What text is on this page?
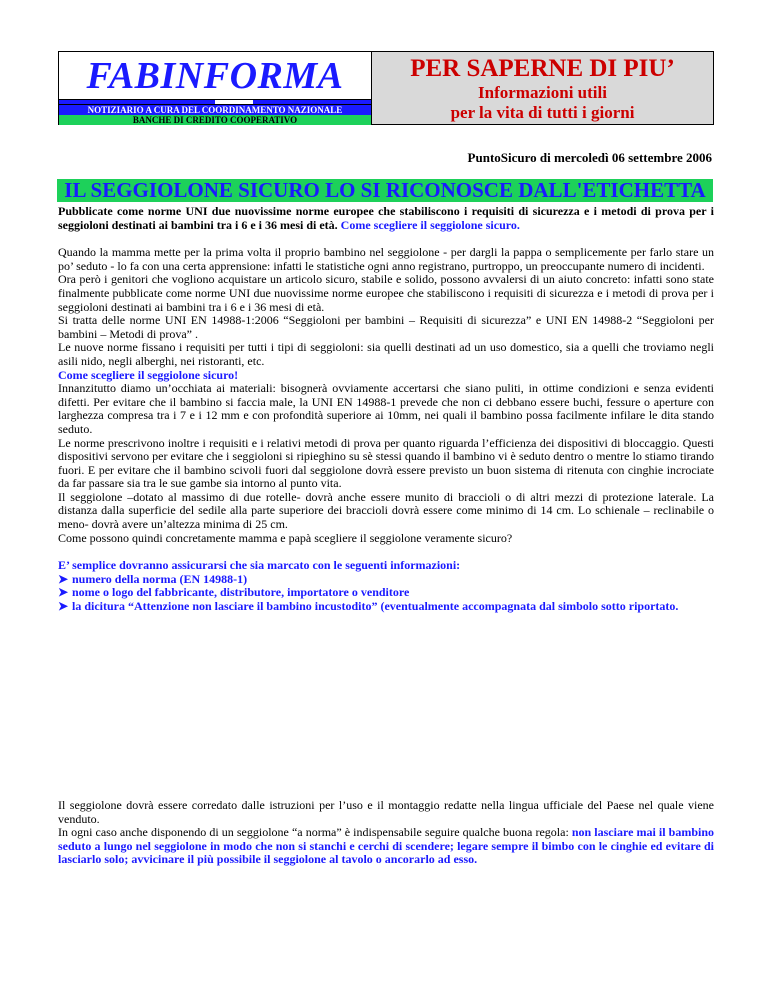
FABINFORMA
NOTIZIARIO A CURA DEL COORDINAMENTO NAZIONALE
BANCHE DI CREDITO COOPERATIVO
PER SAPERNE DI PIU’
Informazioni utili
per la vita di tutti i giorni
PuntoSicuro di mercoledì 06 settembre 2006
IL SEGGIOLONE SICURO LO SI RICONOSCE DALL'ETICHETTA

Pubblicate come norme UNI due nuovissime norme europee che stabiliscono i requisiti di sicurezza e i metodi di prova per i seggioloni destinati ai bambini tra i 6 e i 36 mesi di età. Come scegliere il seggiolone sicuro.

Quando la mamma mette per la prima volta il proprio bambino nel seggiolone - per dargli la pappa o semplicemente per farlo stare un po’ seduto - lo fa con una certa apprensione: infatti le statistiche ogni anno registrano, purtroppo, un preoccupante numero di incidenti.

Ora però i genitori che vogliono acquistare un articolo sicuro, stabile e solido, possono avvalersi di un aiuto concreto: infatti sono state finalmente pubblicate come norme UNI due nuovissime norme europee che stabiliscono i requisiti di sicurezza e i metodi di prova per i seggioloni destinati ai bambini tra i 6 e i 36 mesi di età.

Si tratta delle norme UNI EN 14988-1:2006 “Seggioloni per bambini – Requisiti di sicurezza” e UNI EN 14988-2 “Seggioloni per bambini – Metodi di prova” .

Le nuove norme fissano i requisiti per tutti i tipi di seggioloni: sia quelli destinati ad un uso domestico, sia a quelli che troviamo negli asili nido, negli alberghi, nei ristoranti, etc.

Come scegliere il seggiolone sicuro!

Innanzitutto diamo un’occhiata ai materiali: bisognerà ovviamente accertarsi che siano puliti, in ottime condizioni e senza evidenti difetti. Per evitare che il bambino si faccia male, la UNI EN 14988-1 prevede che non ci debbano essere buchi, fessure o aperture con larghezza compresa tra i 7 e i 12 mm e con profondità superiore ai 10mm, nei quali il bambino possa facilmente infilare le dita stando seduto.

Le norme prescrivono inoltre i requisiti e i relativi metodi di prova per quanto riguarda l’efficienza dei dispositivi di bloccaggio. Questi dispositivi servono per evitare che i seggioloni si ripieghino su sè stessi quando il bambino vi è seduto dentro o mentre lo stiamo tirando fuori. E per evitare che il bambino scivoli fuori dal seggiolone dovrà essere previsto un buon sistema di ritenuta con cinghie incrociate da far passare sia tra le sue gambe sia intorno al punto vita.

Il seggiolone –dotato al massimo di due rotelle- dovrà anche essere munito di braccioli o di altri mezzi di protezione laterale. La distanza dalla superficie del sedile alla parte superiore dei braccioli dovrà essere come minimo di 14 cm. Lo schienale – reclinabile o meno- dovrà avere un’altezza minima di 25 cm.

Come possono quindi concretamente mamma e papà scegliere il seggiolone veramente sicuro?

E’ semplice dovranno assicurarsi che sia marcato con le seguenti informazioni:

➤ numero della norma (EN 14988-1)
➤ nome o logo del fabbricante, distributore, importatore o venditore
➤ la dicitura “Attenzione non lasciare il bambino incustodito” (eventualmente accompagnata dal simbolo sotto riportato.

Il seggiolone dovrà essere corredato dalle istruzioni per l’uso e il montaggio redatte nella lingua ufficiale del Paese nel quale viene venduto.

In ogni caso anche disponendo di un seggiolone “a norma” è indispensabile seguire qualche buona regola: non lasciare mai il bambino seduto a lungo nel seggiolone in modo che non si stanchi e cerchi di scendere; legare sempre il bimbo con le cinghie ed evitare di lasciarlo solo; avvicinare il più possibile il seggiolone al tavolo o ancorarlo ad esso.
